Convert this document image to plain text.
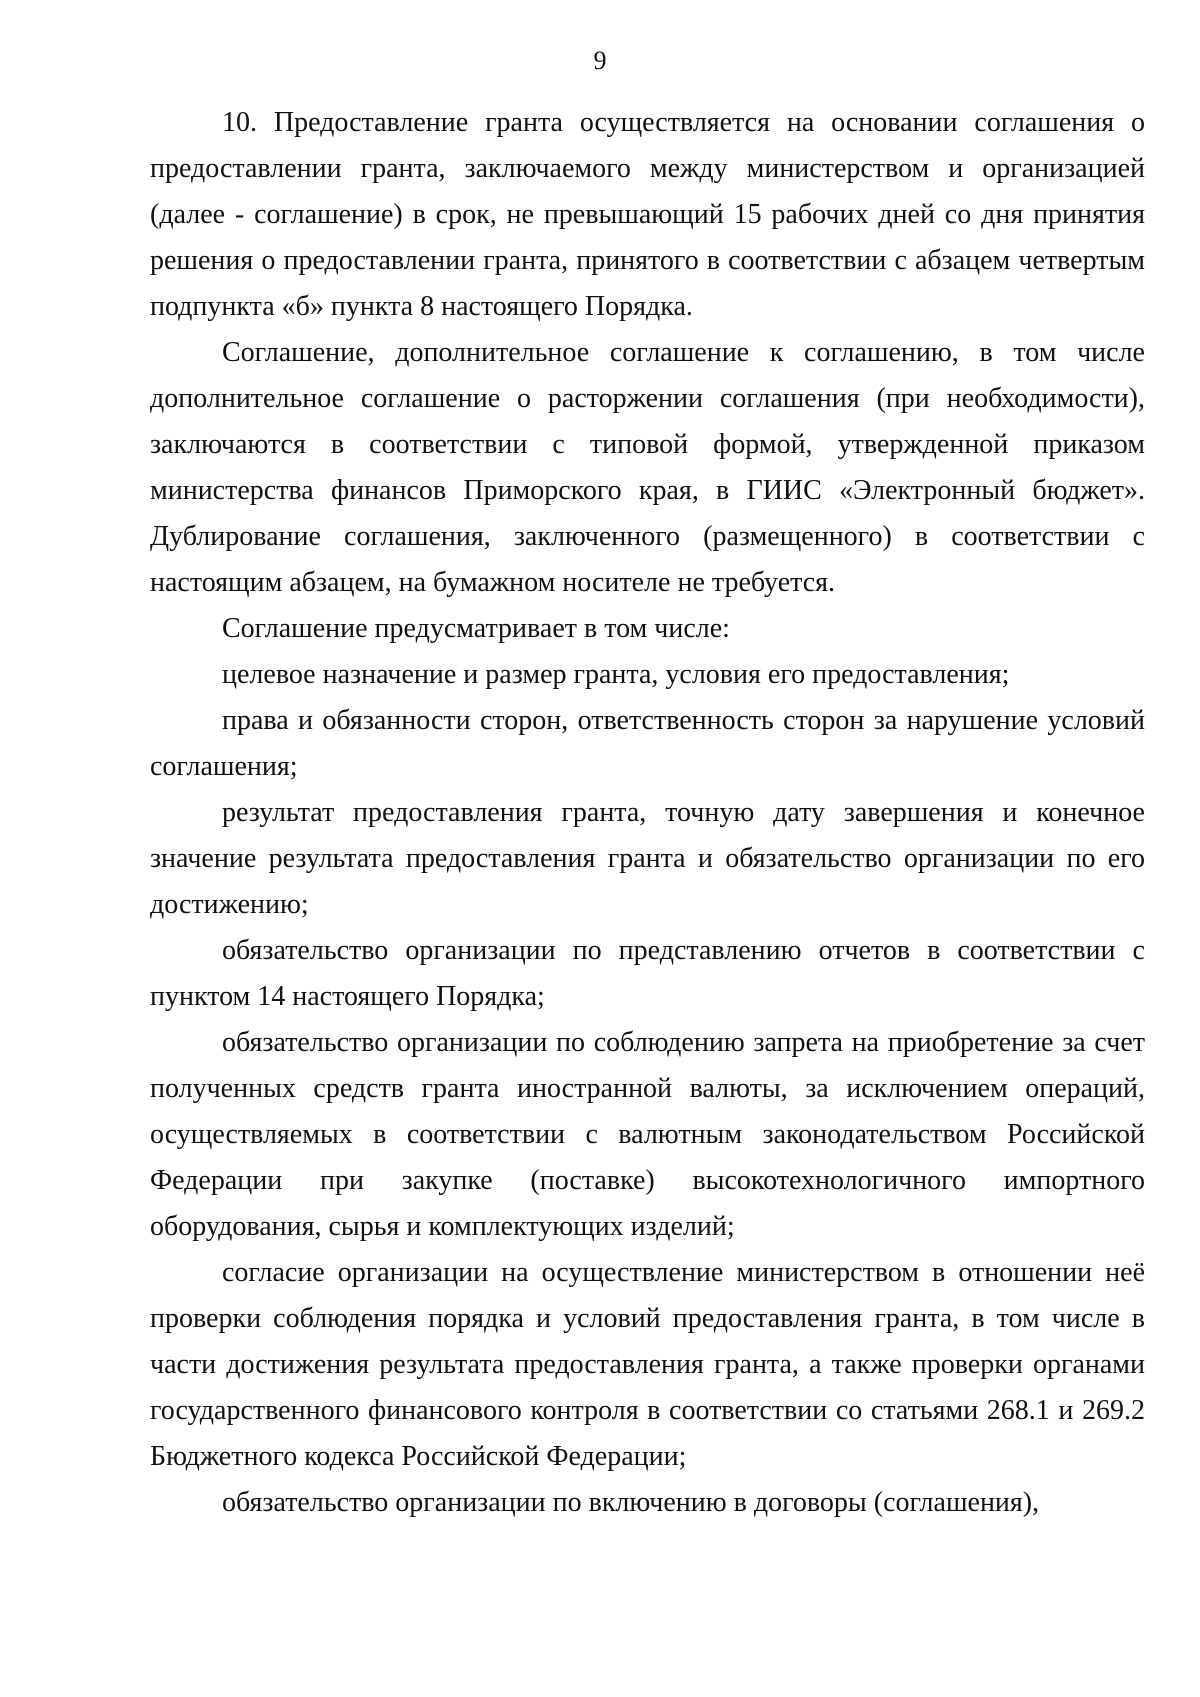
9

10. Предоставление гранта осуществляется на основании соглашения о предоставлении гранта, заключаемого между министерством и организацией (далее - соглашение) в срок, не превышающий 15 рабочих дней со дня принятия решения о предоставлении гранта, принятого в соответствии с абзацем четвертым подпункта «б» пункта 8 настоящего Порядка.

Соглашение, дополнительное соглашение к соглашению, в том числе дополнительное соглашение о расторжении соглашения (при необходимости), заключаются в соответствии с типовой формой, утвержденной приказом министерства финансов Приморского края, в ГИИС «Электронный бюджет». Дублирование соглашения, заключенного (размещенного) в соответствии с настоящим абзацем, на бумажном носителе не требуется.

Соглашение предусматривает в том числе:

целевое назначение и размер гранта, условия его предоставления;

права и обязанности сторон, ответственность сторон за нарушение условий соглашения;

результат предоставления гранта, точную дату завершения и конечное значение результата предоставления гранта и обязательство организации по его достижению;

обязательство организации по представлению отчетов в соответствии с пунктом 14 настоящего Порядка;

обязательство организации по соблюдению запрета на приобретение за счет полученных средств гранта иностранной валюты, за исключением операций, осуществляемых в соответствии с валютным законодательством Российской Федерации при закупке (поставке) высокотехнологичного импортного оборудования, сырья и комплектующих изделий;

согласие организации на осуществление министерством в отношении неё проверки соблюдения порядка и условий предоставления гранта, в том числе в части достижения результата предоставления гранта, а также проверки органами государственного финансового контроля в соответствии со статьями 268.1 и 269.2 Бюджетного кодекса Российской Федерации;

обязательство организации по включению в договоры (соглашения),
